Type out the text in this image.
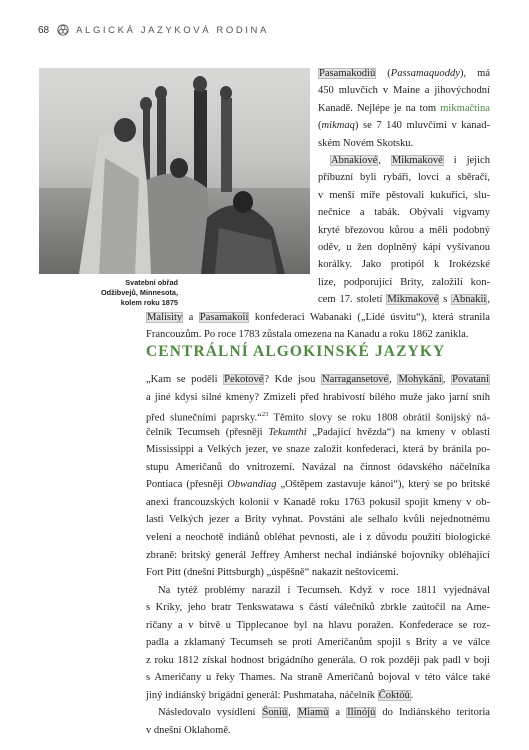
68	ALGICKÁ JAZYKOVÁ RODINA
Svatební obřad
Odžibvejů, Minnesota,
kolem roku 1875
Pasamakodiů (Passamaquoddy), má
450 mluvčích v Maine a jihovýchodní
Kanadě. Nejlépe je na tom mikmačtina
(mikmaq) se 7 140 mluvčími v kanad-
ském Novém Skotsku.
Abnakiové, Mikmakové i jejich
příbuzní byli rybáři, lovci a sběrači,
v menší míře pěstovali kukuřici, slu-
nečnice a tabák. Obývali vigvamy
kryté březovou kůrou a měli podobný
oděv, u žen doplněný kápí vyšívanou
korálky. Jako protipól k Irokézské
lize, podporující Brity, založili kon-
cem 17. století Mikmakové s Abnakii,
Malisity a Pasamakoii konfederaci Wabanaki („Lidé úsvitu“), která stranila
Francouzům. Po roce 1783 zůstala omezena na Kanadu a roku 1862 zanikla.
CENTRÁLNÍ ALGOKINSKÉ JAZYKY
„Kam se poděli Pekotové? Kde jsou Narragansetové, Mohykáni, Povatani
a jiné kdysi silné kmeny? Zmizeli před hrabivostí bílého muže jako jarní sníh
před slunečními paprsky.“$^{23}$ Těmito slovy se roku 1808 obrátil šonijský ná-
čelník Tecumseh (přesněji Tekumthi „Padající hvězda“) na kmeny v oblasti
Mississippi a Velkých jezer, ve snaze založit konfederaci, která by bránila po-
stupu Američanů do vnitrozemí. Navázal na činnost ódavského náčelníka
Pontiaca (přesněji Obwandiag „Oštěpem zastavuje kánoi“), který se po britské
anexi francouzských kolonií v Kanadě roku 1763 pokusil spojit kmeny v ob-
lasti Velkých jezer a Brity vyhnat. Povstání ale selhalo kvůli nejednotnému
velení a neochotě indiánů obléhat pevnosti, ale i z důvodu použití biologické
zbraně: britský generál Jeffrey Amherst nechal indiánské bojovníky obléhající
Fort Pitt (dnešní Pittsburgh) „úspěšně“ nakazit neštovicemi.
Na tytéž problémy narazil i Tecumseh. Když v roce 1811 vyjednával
s Kríky, jeho bratr Tenkswatawa s částí válečníků zbrkle zaútočil na Ame-
ričany a v bitvě u Tipplecanoe byl na hlavu poražen. Konfederace se roz-
padla a zklamaný Tecumseh se proti Američanům spojil s Brity a ve válce
z roku 1812 získal hodnost brigádního generála. O rok později pak padl v boji
s Američany u řeky Thames. Na straně Američanů bojoval v této válce také
jiný indiánský brigádní generál: Pushmataha, náčelník Čoktóů.
Následovalo vysídlení Šoniů, Miamů a Ilinójů do Indiánského teritoria
v dnešní Oklahomě.
